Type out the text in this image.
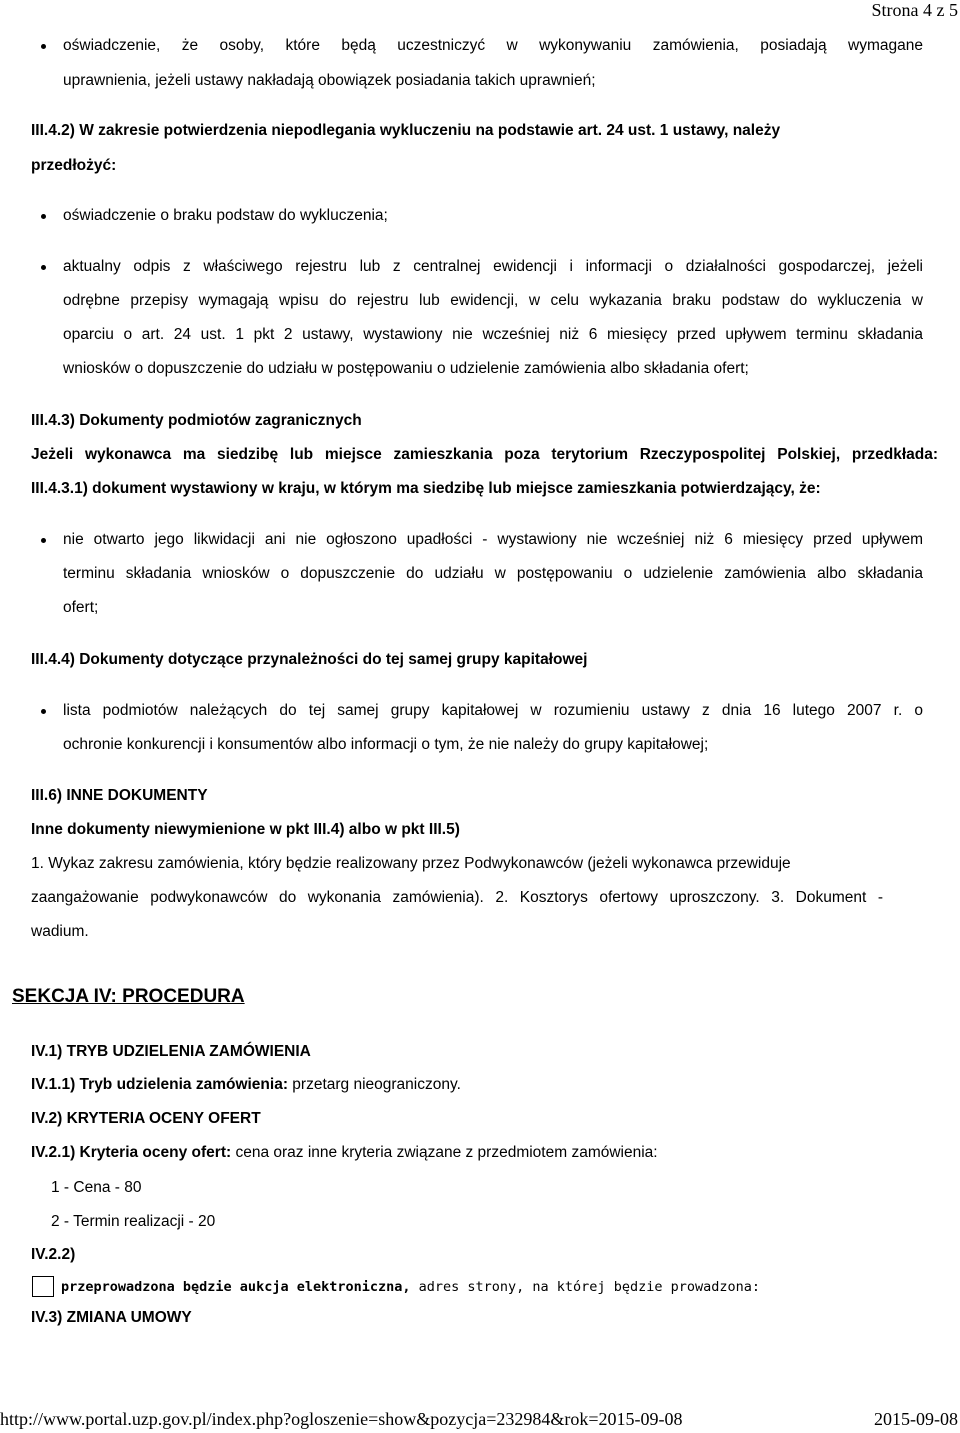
Strona 4 z 5
oświadczenie, że osoby, które będą uczestniczyć w wykonywaniu zamówienia, posiadają wymagane
uprawnienia, jeżeli ustawy nakładają obowiązek posiadania takich uprawnień;
III.4.2) W zakresie potwierdzenia niepodlegania wykluczeniu na podstawie art. 24 ust. 1 ustawy, należy
przedłożyć:
oświadczenie o braku podstaw do wykluczenia;
aktualny odpis z właściwego rejestru lub z centralnej ewidencji i informacji o działalności gospodarczej, jeżeli
odrębne przepisy wymagają wpisu do rejestru lub ewidencji, w celu wykazania braku podstaw do wykluczenia w
oparciu o art. 24 ust. 1 pkt 2 ustawy, wystawiony nie wcześniej niż 6 miesięcy przed upływem terminu składania
wniosków o dopuszczenie do udziału w postępowaniu o udzielenie zamówienia albo składania ofert;
III.4.3) Dokumenty podmiotów zagranicznych
Jeżeli wykonawca ma siedzibę lub miejsce zamieszkania poza terytorium Rzeczypospolitej Polskiej, przedkłada:
III.4.3.1) dokument wystawiony w kraju, w którym ma siedzibę lub miejsce zamieszkania potwierdzający, że:
nie otwarto jego likwidacji ani nie ogłoszono upadłości - wystawiony nie wcześniej niż 6 miesięcy przed upływem
terminu składania wniosków o dopuszczenie do udziału w postępowaniu o udzielenie zamówienia albo składania
ofert;
III.4.4) Dokumenty dotyczące przynależności do tej samej grupy kapitałowej
lista podmiotów należących do tej samej grupy kapitałowej w rozumieniu ustawy z dnia 16 lutego 2007 r. o
ochronie konkurencji i konsumentów albo informacji o tym, że nie należy do grupy kapitałowej;
III.6) INNE DOKUMENTY
Inne dokumenty niewymienione w pkt III.4) albo w pkt III.5)
1. Wykaz zakresu zamówienia, który będzie realizowany przez Podwykonawców (jeżeli wykonawca przewiduje
zaangażowanie podwykonawców do wykonania zamówienia). 2. Kosztorys ofertowy uproszczony. 3. Dokument -
wadium.
SEKCJA IV: PROCEDURA
IV.1) TRYB UDZIELENIA ZAMÓWIENIA
IV.1.1) Tryb udzielenia zamówienia: przetarg nieograniczony.
IV.2) KRYTERIA OCENY OFERT
IV.2.1) Kryteria oceny ofert: cena oraz inne kryteria związane z przedmiotem zamówienia:
1 - Cena - 80
2 - Termin realizacji - 20
IV.2.2)
przeprowadzona będzie aukcja elektroniczna, adres strony, na której będzie prowadzona:
IV.3) ZMIANA UMOWY
http://www.portal.uzp.gov.pl/index.php?ogloszenie=show&pozycja=232984&rok=2015-09-08	2015-09-08
